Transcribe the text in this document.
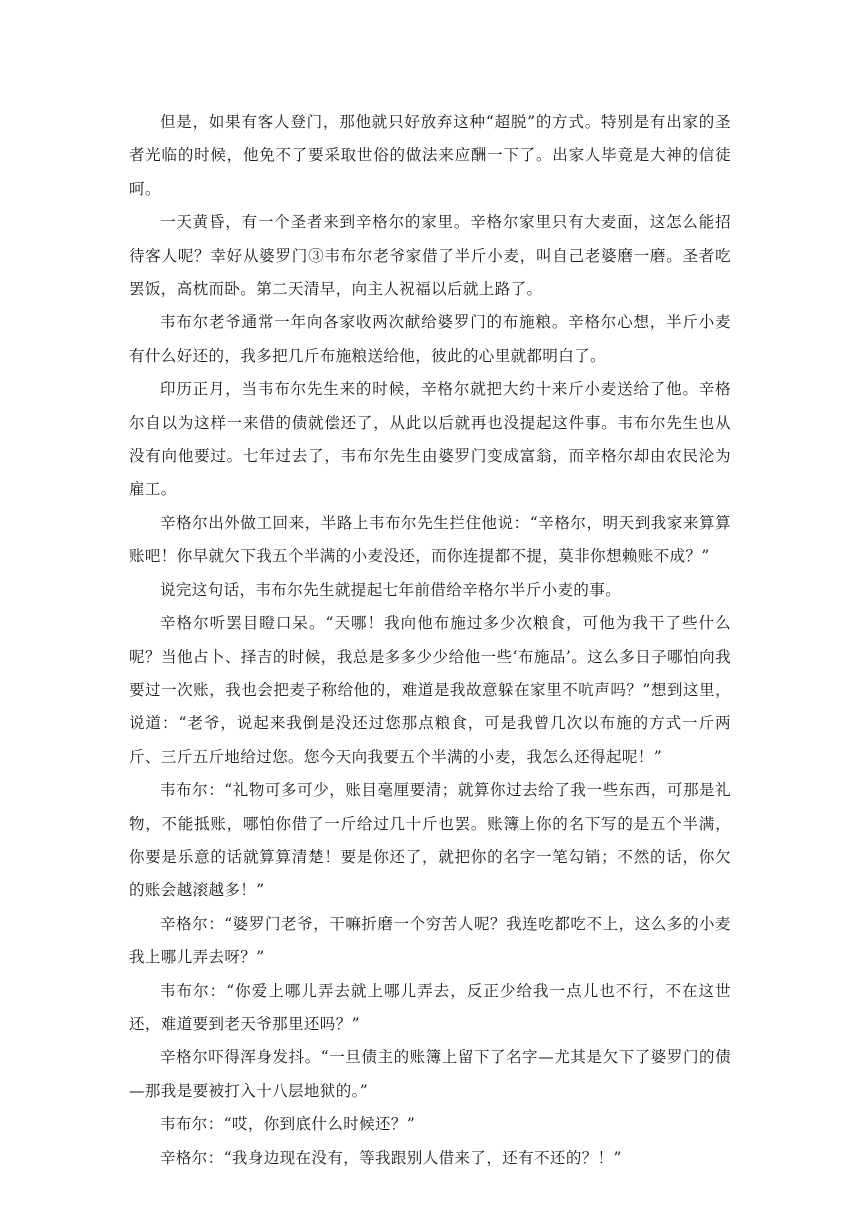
但是，如果有客人登门，那他就只好放弃这种“超脱”的方式。特别是有出家的圣者光临的时候，他免不了要采取世俗的做法来应酬一下了。出家人毕竟是大神的信徒呵。

一天黄昏，有一个圣者来到辛格尔的家里。辛格尔家里只有大麦面，这怎么能招待客人呢？幸好从婆罗门③韦布尔老爷家借了半斤小麦，叫自己老婆磨一磨。圣者吃罢饭，高枕而卧。第二天清早，向主人祝福以后就上路了。

韦布尔老爷通常一年向各家收两次献给婆罗门的布施粮。辛格尔心想，半斤小麦有什么好还的，我多把几斤布施粮送给他，彼此的心里就都明白了。

印历正月，当韦布尔先生来的时候，辛格尔就把大约十来斤小麦送给了他。辛格尔自以为这样一来借的债就偿还了，从此以后就再也没提起这件事。韦布尔先生也从没有向他要过。七年过去了，韦布尔先生由婆罗门变成富翁，而辛格尔却由农民沦为雇工。

辛格尔出外做工回来，半路上韦布尔先生拦住他说：“辛格尔，明天到我家来算算账吧！你早就欠下我五个半满的小麦没还，而你连提都不提，莫非你想赖账不成？”

说完这句话，韦布尔先生就提起七年前借给辛格尔半斤小麦的事。

辛格尔听罢目瞪口呆。“天哪！我向他布施过多少次粮食，可他为我干了些什么呢？当他占卜、择吉的时候，我总是多多少少给他一些‘布施品’。这么多日子哪怕向我要过一次账，我也会把麦子称给他的，难道是我故意躲在家里不吭声吗？”想到这里，说道：“老爷，说起来我倒是没还过您那点粮食，可是我曾几次以布施的方式一斤两斤、三斤五斤地给过您。您今天向我要五个半满的小麦，我怎么还得起呢！”

韦布尔：“礼物可多可少，账目毫厘要清；就算你过去给了我一些东西，可那是礼物，不能抵账，哪怕你借了一斤给过几十斤也罢。账簿上你的名下写的是五个半满，你要是乐意的话就算算清楚！要是你还了，就把你的名字一笔勾销；不然的话，你欠的账会越滚越多！”

辛格尔：“婆罗门老爷，干嘛折磨一个穷苦人呢？我连吃都吃不上，这么多的小麦我上哪儿弄去呀？”

韦布尔：“你爱上哪儿弄去就上哪儿弄去，反正少给我一点儿也不行，不在这世还，难道要到老天爷那里还吗？”

辛格尔吓得浑身发抖。“一旦债主的账簿上留下了名字—尤其是欠下了婆罗门的债—那我是要被打入十八层地狱的。”

韦布尔：“哎，你到底什么时候还？”

辛格尔：“我身边现在没有，等我跟别人借来了，还有不还的？！”
